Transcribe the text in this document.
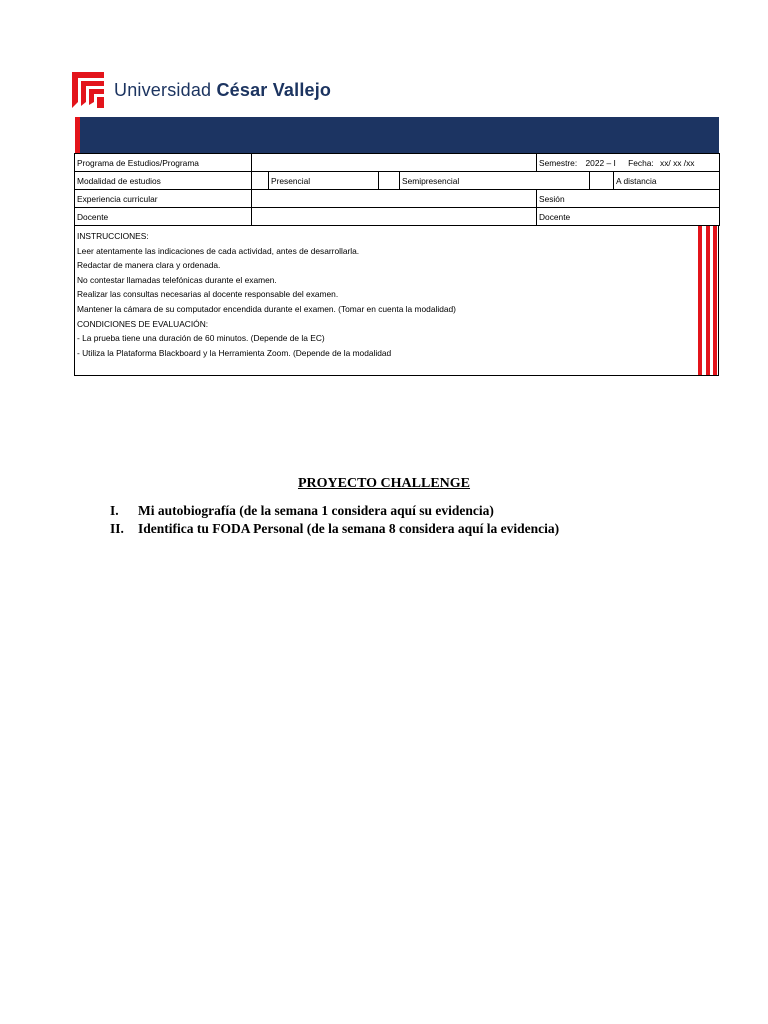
Universidad César Vallejo
Programa de Estudios/Programa					Semestre: 2022 – I Fecha: xx/ xx /xx		
Modalidad de estudios		Presencial		Semipresencial			A distancia
Experiencia curricular					Sesión		
Docente					Docente		
INSTRUCCIONES:
Leer atentamente las indicaciones de cada actividad, antes de desarrollarla.
Redactar de manera clara y ordenada.
No contestar llamadas telefónicas durante el examen.
Realizar las consultas necesarias al docente responsable del examen.
Mantener la cámara de su computador encendida durante el examen. (Tomar en cuenta la modalidad)
CONDICIONES DE EVALUACIÓN:
- La prueba tiene una duración de 60 minutos. (Depende de la EC)
- Utiliza la Plataforma Blackboard y la Herramienta Zoom. (Depende de la modalidad
PROYECTO CHALLENGE
I.	Mi autobiografía (de la semana 1 considera aquí su evidencia)
II.	Identifica tu FODA Personal (de la semana 8 considera aquí la evidencia)
